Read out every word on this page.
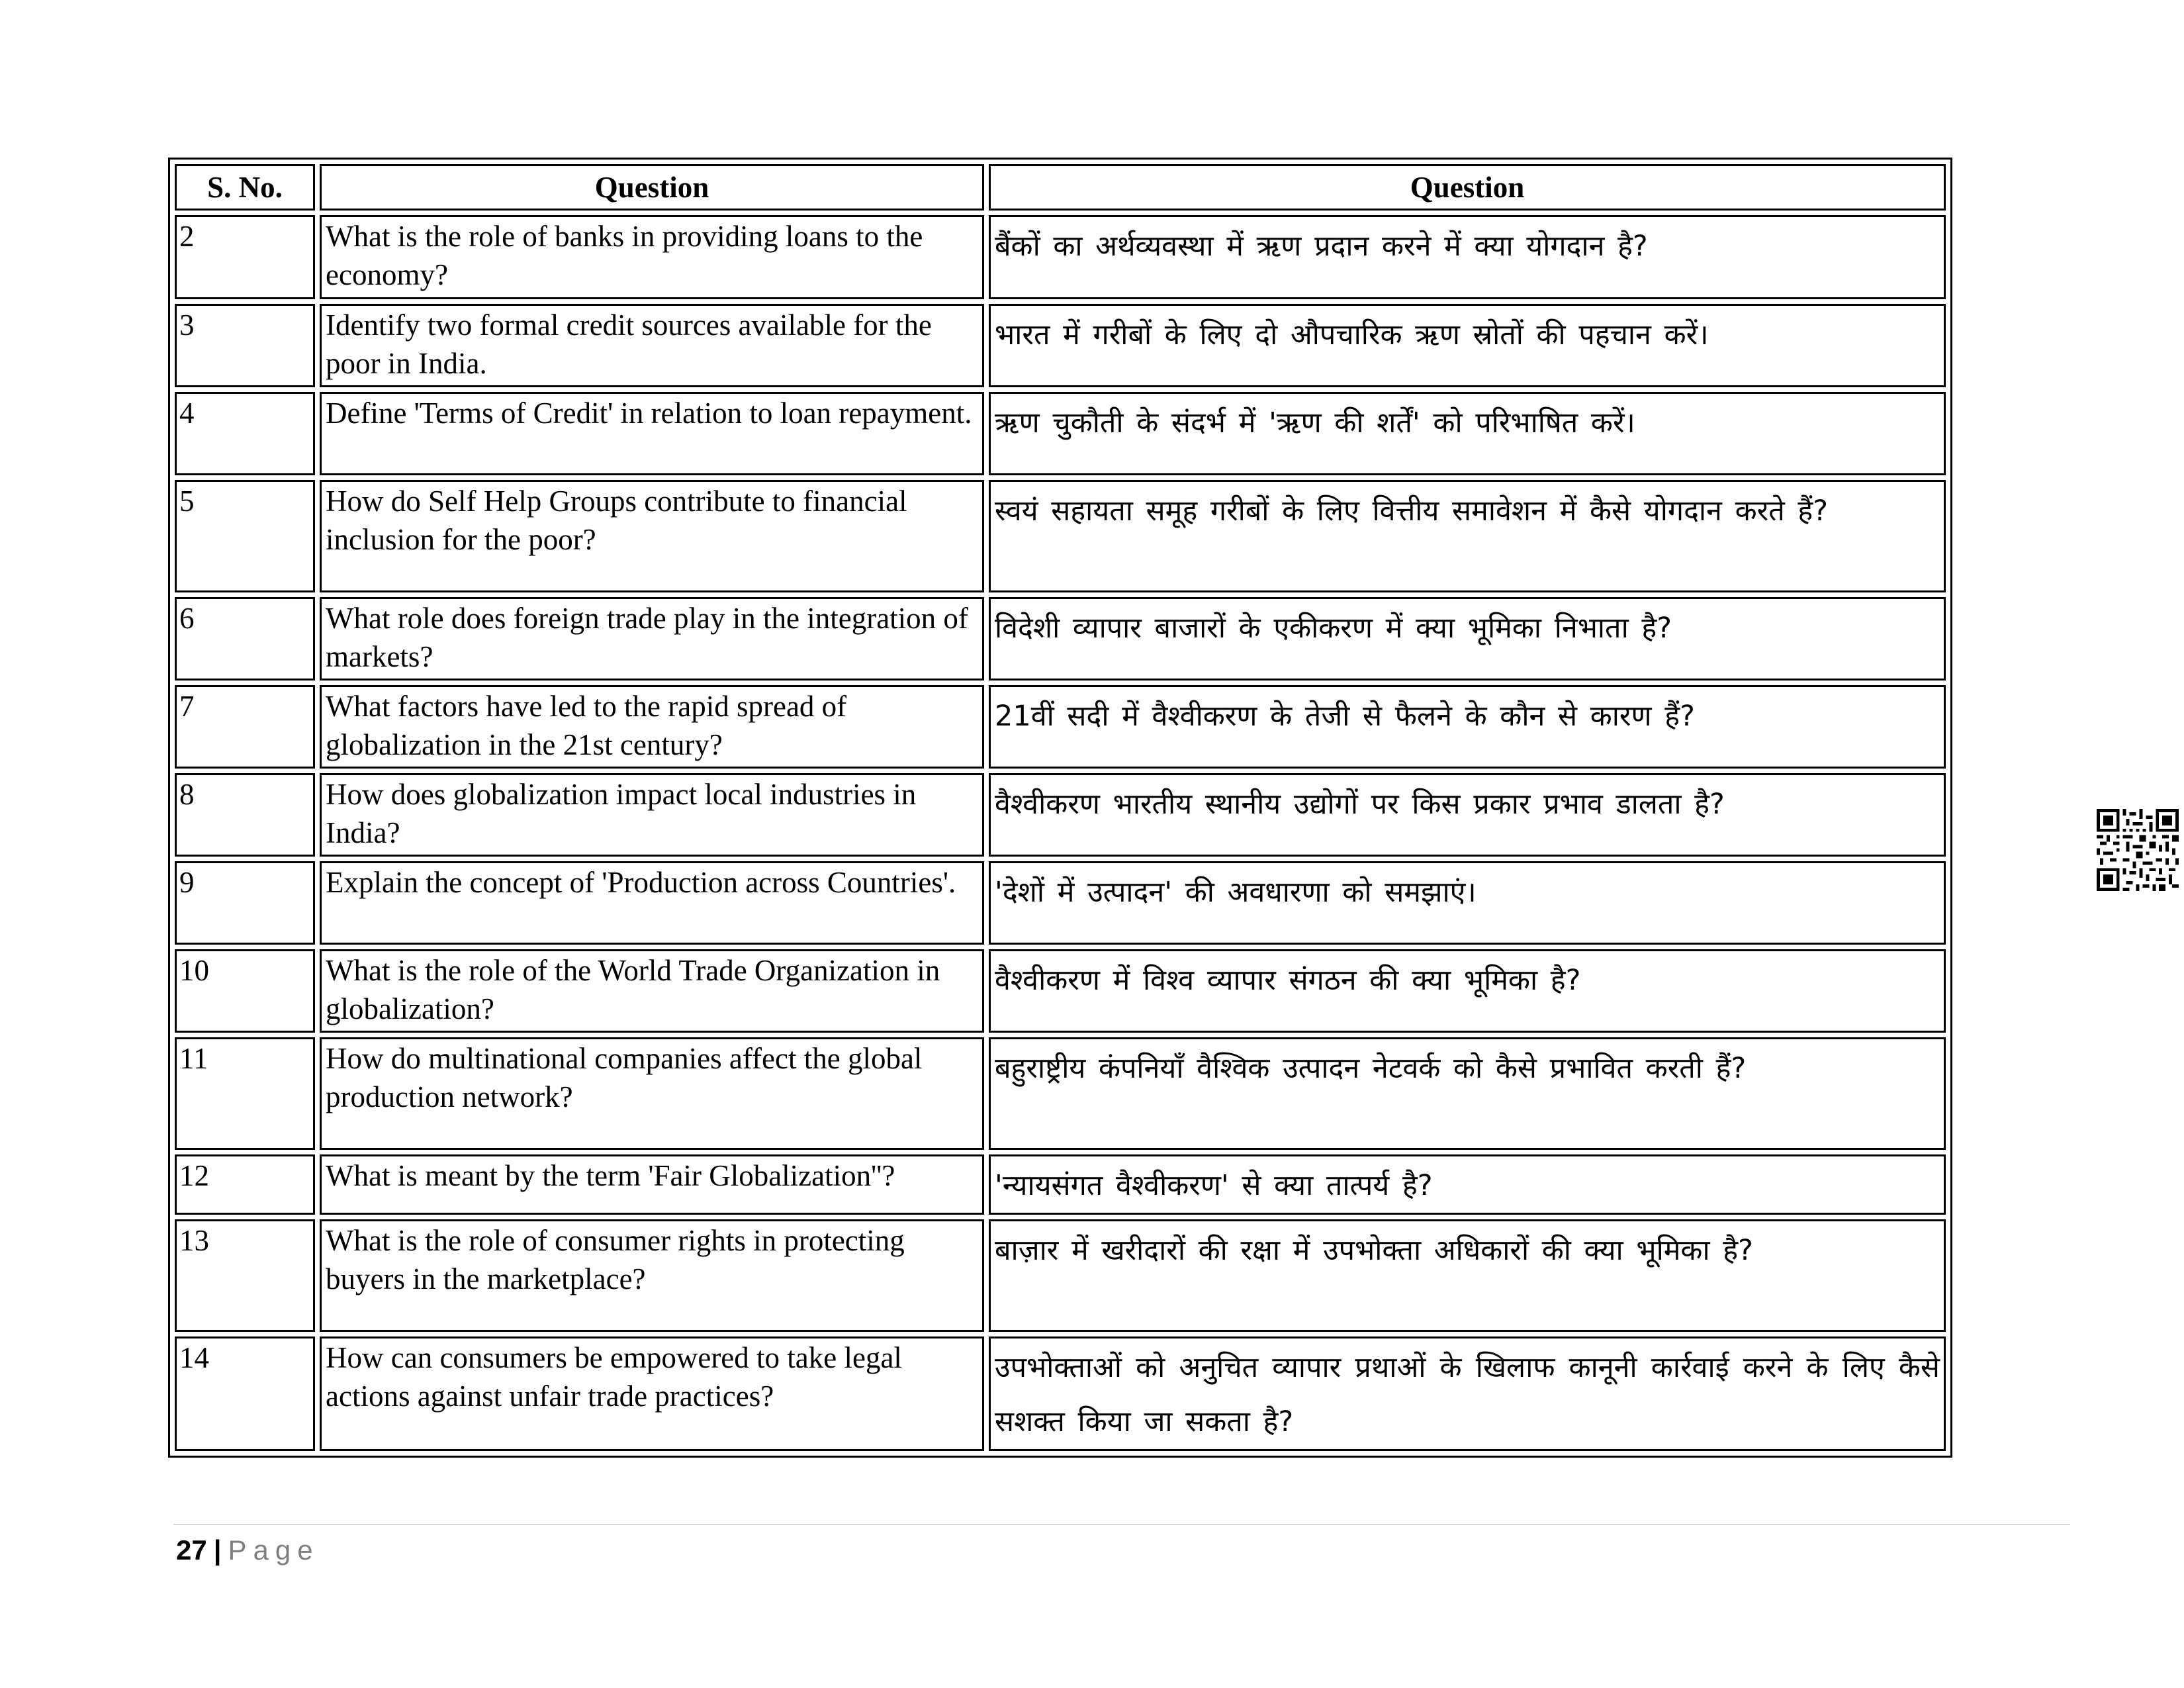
S. No.	Question	Question
2	What is the role of banks in providing loans to the economy?	बैंकों का अर्थव्यवस्था में ऋण प्रदान करने में क्या योगदान है?
3	Identify two formal credit sources available for the poor in India.	भारत में गरीबों के लिए दो औपचारिक ऋण स्रोतों की पहचान करें।
4	Define 'Terms of Credit' in relation to loan repayment.	ऋण चुकौती के संदर्भ में 'ऋण की शर्तें' को परिभाषित करें।
5	How do Self Help Groups contribute to financial inclusion for the poor?	स्वयं सहायता समूह गरीबों के लिए वित्तीय समावेशन में कैसे योगदान करते हैं?
6	What role does foreign trade play in the integration of markets?	विदेशी व्यापार बाजारों के एकीकरण में क्या भूमिका निभाता है?
7	What factors have led to the rapid spread of globalization in the 21st century?	21वीं सदी में वैश्वीकरण के तेजी से फैलने के कौन से कारण हैं?
8	How does globalization impact local industries in India?	वैश्वीकरण भारतीय स्थानीय उद्योगों पर किस प्रकार प्रभाव डालता है?
9	Explain the concept of 'Production across Countries'.	'देशों में उत्पादन' की अवधारणा को समझाएं।
10	What is the role of the World Trade Organization in globalization?	वैश्वीकरण में विश्व व्यापार संगठन की क्या भूमिका है?
11	How do multinational companies affect the global production network?	बहुराष्ट्रीय कंपनियाँ वैश्विक उत्पादन नेटवर्क को कैसे प्रभावित करती हैं?
12	What is meant by the term 'Fair Globalization''?	'न्यायसंगत वैश्वीकरण' से क्या तात्पर्य है?
13	What is the role of consumer rights in protecting buyers in the marketplace?	बाज़ार में खरीदारों की रक्षा में उपभोक्ता अधिकारों की क्या भूमिका है?
14	How can consumers be empowered to take legal actions against unfair trade practices?	उपभोक्ताओं को अनुचित व्यापार प्रथाओं के खिलाफ कानूनी कार्रवाई करने के लिए कैसे सशक्त किया जा सकता है?
27 | Page
